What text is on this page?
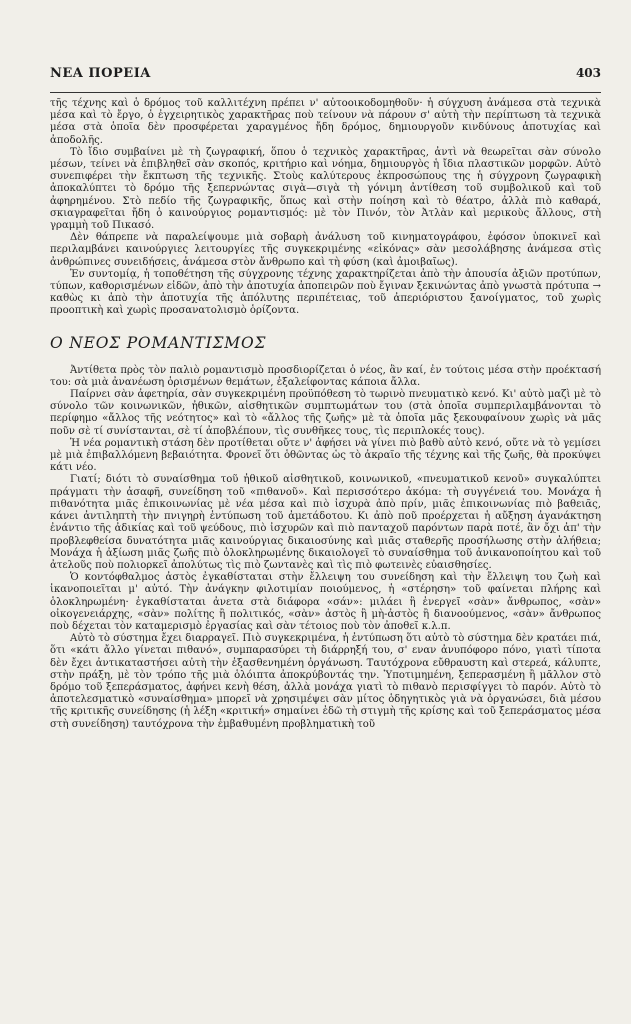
ΝΕΑ ΠΟΡΕΙΑ	403

τῆς τέχνης καὶ ὁ δρόμος τοῦ καλλιτέχνη πρέπει ν' αὐτοοικοδομηθοῦν· ἡ σύγχυση ἀνάμεσα στὰ τεχνικὰ μέσα καὶ τὸ ἔργο, ὁ ἐγχειρητικὸς χαρακτῆρας ποὺ τείνουν νὰ πάρουν σ' αὐτὴ τὴν περίπτωση τὰ τεχνικὰ μέσα στὰ ὁποῖα δὲν προσφέρεται χαραγμένος ἤδη δρόμος, δημιουργοῦν κινδύνους ἀποτυχίας καὶ ἀποδολῆς.

Τὸ ἴδιο συμβαίνει μὲ τὴ ζωγραφική, ὅπου ὁ τεχνικὸς χαρακτῆρας, ἀντὶ νὰ θεωρεῖται σὰν σύνολο μέσων, τείνει νὰ ἐπιβληθεῖ σὰν σκοπός, κριτήριο καὶ νόημα, δημιουργὸς ἡ ἴδια πλαστικῶν μορφῶν. Αὐτὸ συνεπιφέρει τὴν ἔκπτωση τῆς τεχνικῆς. Στοὺς καλύτερους ἐκπροσώπους της ἡ σύγχρονη ζωγραφικὴ ἀποκαλύπτει τὸ δρόμο τῆς ξεπερνώντας σιγὰ—σιγὰ τὴ γόνιμη ἀντίθεση τοῦ συμβολικοῦ καὶ τοῦ ἀφηρημένου. Στὸ πεδίο τῆς ζωγραφικῆς, ὅπως καὶ στὴν ποίηση καὶ τὸ θέατρο, ἀλλὰ πιὸ καθαρά, σκιαγραφεῖται ἤδη ὁ καινούργιος ρομαντισμός: μὲ τὸν Πινόν, τὸν Ἀτλὰν καὶ μερικοὺς ἄλλους, στὴ γραμμὴ τοῦ Πικασό.

Δὲν θάπρεπε νὰ παραλείψουμε μιὰ σοβαρὴ ἀνάλυση τοῦ κινηματογράφου, ἐφόσον ὑποκινεῖ καὶ περιλαμβάνει καινούργιες λειτουργίες τῆς συγκεκριμένης «εἰκόνας» σὰν μεσολάβησης ἀνάμεσα στὶς ἀνθρώπινες συνειδήσεις, ἀνάμεσα στὸν ἄνθρωπο καὶ τὴ φύση (καὶ ἀμοιβαῖως).

Ἐν συντομίᾳ, ἡ τοποθέτηση τῆς σύγχρονης τέχνης χαρακτηρίζεται ἀπὸ τὴν ἀπουσία ἀξιῶν προτύπων, τύπων, καθορισμένων εἰδῶν, ἀπὸ τὴν ἀποτυχία ἀποπειρῶν ποὺ ἔγιναν ξεκινώντας ἀπὸ γνωστὰ πρότυπα → καθὼς κι ἀπὸ τὴν ἀποτυχία τῆς ἀπόλυτης περιπέτειας, τοῦ ἀπεριόριστου ξανοίγματος, τοῦ χωρὶς προοπτικὴ καὶ χωρὶς προσανατολισμὸ ὁρίζοντα.

Ο ΝΕΟΣ ΡΟΜΑΝΤΙΣΜΟΣ

Ἀντίθετα πρὸς τὸν παλιὸ ρομαντισμὸ προσδιορίζεται ὁ νέος, ἂν καί, ἐν τούτοις μέσα στὴν προέκτασή του: σὰ μιὰ ἀνανέωση ὁρισμένων θεμάτων, ἐξαλείφοντας κάποια ἄλλα.

Παίρνει σὰν ἀφετηρία, σὰν συγκεκριμένη προϋπόθεση τὸ τωρινὸ πνευματικὸ κενό. Κι' αὐτὸ μαζὶ μὲ τὸ σύνολο τῶν κοινωνικῶν, ἠθικῶν, αἰσθητικῶν συμπτωμάτων του (στὰ ὁποῖα συμπεριλαμβάνονται τὸ περίφημο «ἄλλος τῆς νεότητος» καὶ τὸ «ἄλλος τῆς ζωῆς» μὲ τὰ ὁποῖα μᾶς ξεκουφαίνουν χωρὶς νὰ μᾶς ποῦν σὲ τί συνίστανται, σὲ τί ἀποβλέπουν, τὶς συνθῆκες τους, τὶς περιπλοκές τους).

Ἡ νέα ρομαντικὴ στάση δὲν προτίθεται οὔτε ν' ἀφήσει νὰ γίνει πιὸ βαθὺ αὐτὸ κενό, οὔτε νὰ τὸ γεμίσει μὲ μιὰ ἐπιβαλλόμενη βεβαιότητα. Φρονεῖ ὅτι ὁθῶντας ὡς τὸ ἀκραῖο τῆς τέχνης καὶ τῆς ζωῆς, θὰ προκύψει κάτι νέο.

Γιατί; διότι τὸ συναίσθημα τοῦ ἠθικοῦ αἰσθητικοῦ, κοινωνικοῦ, «πνευματικοῦ κενοῦ» συγκαλύπτει πράγματι τὴν ἀσαφῆ, συνείδηση τοῦ «πιθανοῦ». Καὶ περισσότερο ἀκόμα: τὴ συγγένειά του. Μονάχα ἡ πιθανότητα μιᾶς ἐπικοινωνίας μὲ νέα μέσα καὶ πιὸ ἰσχυρὰ ἀπὸ πρίν, μιᾶς ἐπικοινωνίας πιὸ βαθειᾶς, κάνει ἀντιληπτὴ τὴν πνιγηρὴ ἐντύπωση τοῦ ἀμετάδοτου. Κι ἀπὸ ποῦ προέρχεται ἡ αὔξηση ἀγανάκτηση ἐνάντιο τῆς ἀδικίας καὶ τοῦ ψεύδους, πιὸ ἰσχυρῶν καὶ πιὸ πανταχοῦ παρόντων παρὰ ποτέ, ἂν ὄχι ἀπ' τὴν προβλεφθείσα δυνατότητα μιᾶς καινούργιας δικαιοσύνης καὶ μιᾶς σταθερῆς προσήλωσης στὴν ἀλήθεια; Μονάχα ἡ ἀξίωση μιᾶς ζωῆς πιὸ ὁλοκληρωμένης δικαιολογεῖ τὸ συναίσθημα τοῦ ἀνικανοποίητου καὶ τοῦ ἀτελοῦς ποὺ πολιορκεῖ ἀπολύτως τὶς πιὸ ζωντανὲς καὶ τὶς πιὸ φωτεινὲς εὐαισθησίες.

Ὁ κοντόφθαλμος ἀστὸς ἐγκαθίσταται στὴν ἔλλειψη του συνείδηση καὶ τὴν ἔλλειψη του ζωὴ καὶ ἱκανοποιεῖται μ' αὐτό. Τὴν ἀνάγκην φιλοτιμίαν ποιούμενος, ἡ «στέρηση» τοῦ φαίνεται πλήρης καὶ ὁλοκληρωμένη· ἐγκαθίσταται ἀνετα στὰ διάφορα «σάν»: μιλάει ἢ ἐνεργεῖ «σὰν» ἄνθρωπος, «σὰν» οἰκογενειάρχης, «σὰν» πολίτης ἢ πολιτικός, «σὰν» ἀστὸς ἢ μὴ-ἀστὸς ἢ διανοούμενος, «σὰν» ἄνθρωπος ποὺ δέχεται τὸν καταμερισμὸ ἐργασίας καὶ σὰν τέτοιος ποὺ τὸν ἀποθεῖ κ.λ.π.

Αὐτὸ τὸ σύστημα ἔχει διαρραγεῖ. Πιὸ συγκεκριμένα, ἡ ἐντύπωση ὅτι αὐτὸ τὸ σύστημα δὲν κρατάει πιά, ὅτι «κάτι ἄλλο γίνεται πιθανό», συμπαρασύρει τὴ διάρρηξή του, σ' εναν ἀνυπόφορο πόνο, γιατὶ τίποτα δὲν ἔχει ἀντικαταστήσει αὐτὴ τὴν ἐξασθενημένη ὀργάνωση. Ταυτόχρονα εὔθραυστη καὶ στερεά, κάλυπτε, στὴν πράξη, μὲ τὸν τρόπο τῆς μιὰ ὁλόιπτα ἀποκρύβοντάς την. Ὑποτιμημένη, ξεπερασμένη ἢ μᾶλλον στὸ δρόμο τοῦ ξεπεράσματος, ἀφήνει κενὴ θέση, ἀλλὰ μονάχα γιατὶ τὸ πιθανὸ περισφίγγει τὸ παρόν. Αὐτὸ τὸ ἀποτελεσματικὸ «συναίσθημα» μπορεῖ νὰ χρησιμέψει σὰν μίτος ὁδηγητικὸς γιὰ νὰ ὀργανώσει, διὰ μέσου τῆς κριτικῆς συνείδησης (ἡ λέξη «κριτική» σημαίνει ἐδῶ τὴ στιγμὴ τῆς κρίσης καὶ τοῦ ξεπεράσματος μέσα στὴ συνείδηση) ταυτόχρονα τὴν ἐμβαθυμένη προβληματικὴ τοῦ
